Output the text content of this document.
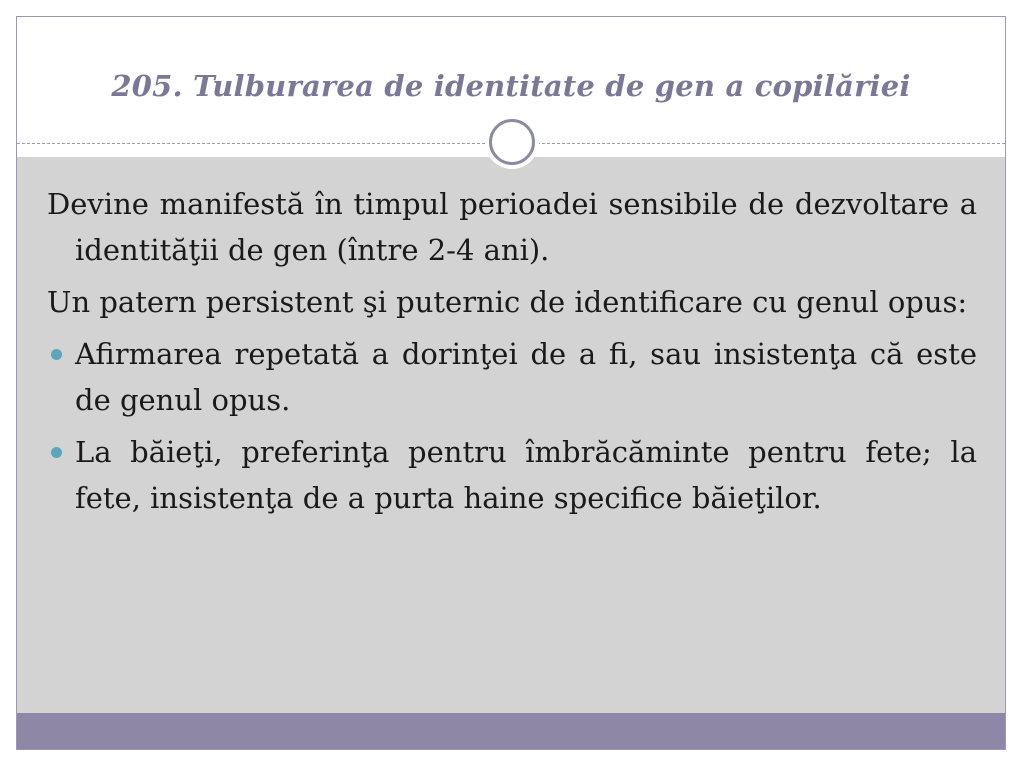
205. Tulburarea de identitate de gen a copilăriei

Devine manifestă în timpul perioadei sensibile de dezvoltare a identităţii de gen (între 2-4 ani).

Un patern persistent şi puternic de identificare cu genul opus:

Afirmarea repetată a dorinţei de a fi, sau insistenţa că este de genul opus.
La băieţi, preferinţa pentru îmbrăcăminte pentru fete; la fete, insistenţa de a purta haine specifice băieţilor.
